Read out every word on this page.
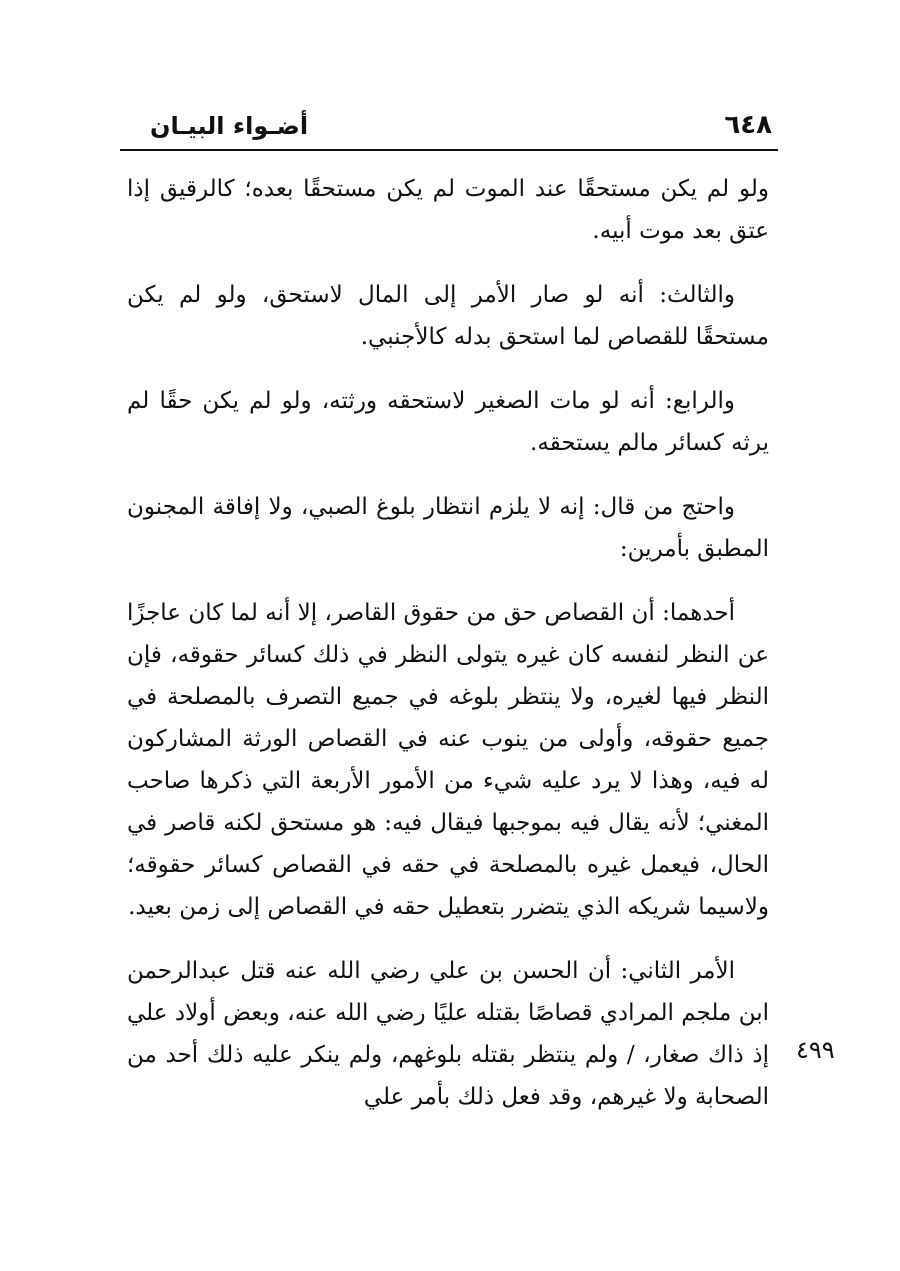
٦٤٨
أضـواء البيـان

ولو لم يكن مستحقًا عند الموت لم يكن مستحقًا بعده؛ كالرقيق إذا عتق بعد موت أبيه.

والثالث: أنه لو صار الأمر إلى المال لاستحق، ولو لم يكن مستحقًا للقصاص لما استحق بدله كالأجنبي.

والرابع: أنه لو مات الصغير لاستحقه ورثته، ولو لم يكن حقًا لم يرثه كسائر مالم يستحقه.

واحتج من قال: إنه لا يلزم انتظار بلوغ الصبي، ولا إفاقة المجنون المطبق بأمرين:

أحدهما: أن القصاص حق من حقوق القاصر، إلا أنه لما كان عاجزًا عن النظر لنفسه كان غيره يتولى النظر في ذلك كسائر حقوقه، فإن النظر فيها لغيره، ولا ينتظر بلوغه في جميع التصرف بالمصلحة في جميع حقوقه، وأولى من ينوب عنه في القصاص الورثة المشاركون له فيه، وهذا لا يرد عليه شيء من الأمور الأربعة التي ذكرها صاحب المغني؛ لأنه يقال فيه بموجبها فيقال فيه: هو مستحق لكنه قاصر في الحال، فيعمل غيره بالمصلحة في حقه في القصاص كسائر حقوقه؛ ولاسيما شريكه الذي يتضرر بتعطيل حقه في القصاص إلى زمن بعيد.

الأمر الثاني: أن الحسن بن علي رضي الله عنه قتل عبدالرحمن ابن ملجم المرادي قصاصًا بقتله عليًا رضي الله عنه، وبعض أولاد علي إذ ذاك صغار، / ولم ينتظر بقتله بلوغهم، ولم ينكر عليه ذلك أحد من الصحابة ولا غيرهم، وقد فعل ذلك بأمر علي

٤٩٩
